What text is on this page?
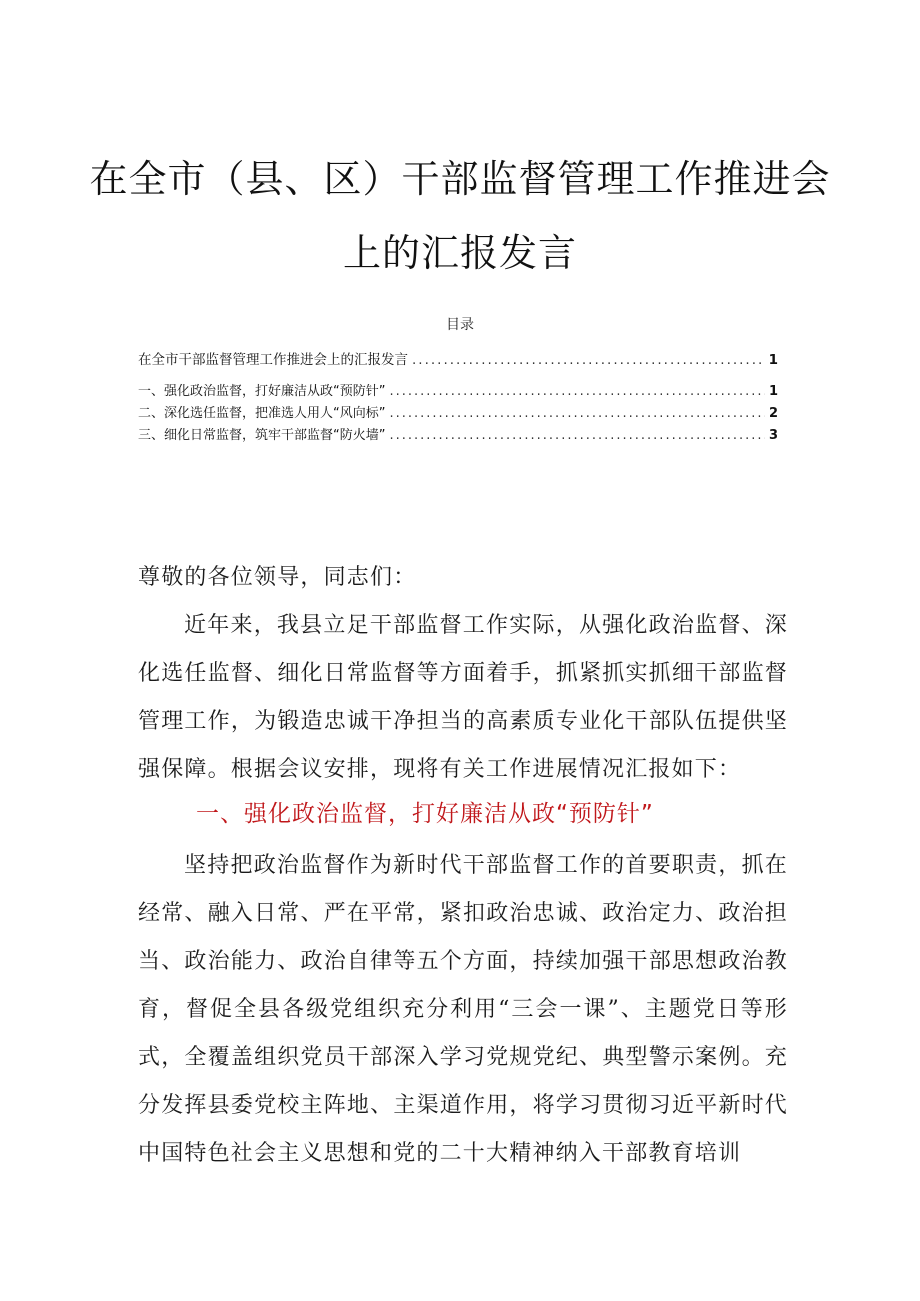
在全市（县、区）干部监督管理工作推进会
上的汇报发言
目录
在全市干部监督管理工作推进会上的汇报发言 .....	1
一、强化政治监督，打好廉洁从政“预防针” .....	1
二、深化选任监督，把准选人用人“风向标” .....	2
三、细化日常监督，筑牢干部监督“防火墙” .....	3

尊敬的各位领导，同志们：

近年来，我县立足干部监督工作实际，从强化政治监督、深化选任监督、细化日常监督等方面着手，抓紧抓实抓细干部监督管理工作，为锻造忠诚干净担当的高素质专业化干部队伍提供坚强保障。根据会议安排，现将有关工作进展情况汇报如下：

一、强化政治监督，打好廉洁从政“预防针”

坚持把政治监督作为新时代干部监督工作的首要职责，抓在经常、融入日常、严在平常，紧扣政治忠诚、政治定力、政治担当、政治能力、政治自律等五个方面，持续加强干部思想政治教育，督促全县各级党组织充分利用“三会一课”、主题党日等形式，全覆盖组织党员干部深入学习党规党纪、典型警示案例。充分发挥县委党校主阵地、主渠道作用，将学习贯彻习近平新时代中国特色社会主义思想和党的二十大精神纳入干部教育培训
